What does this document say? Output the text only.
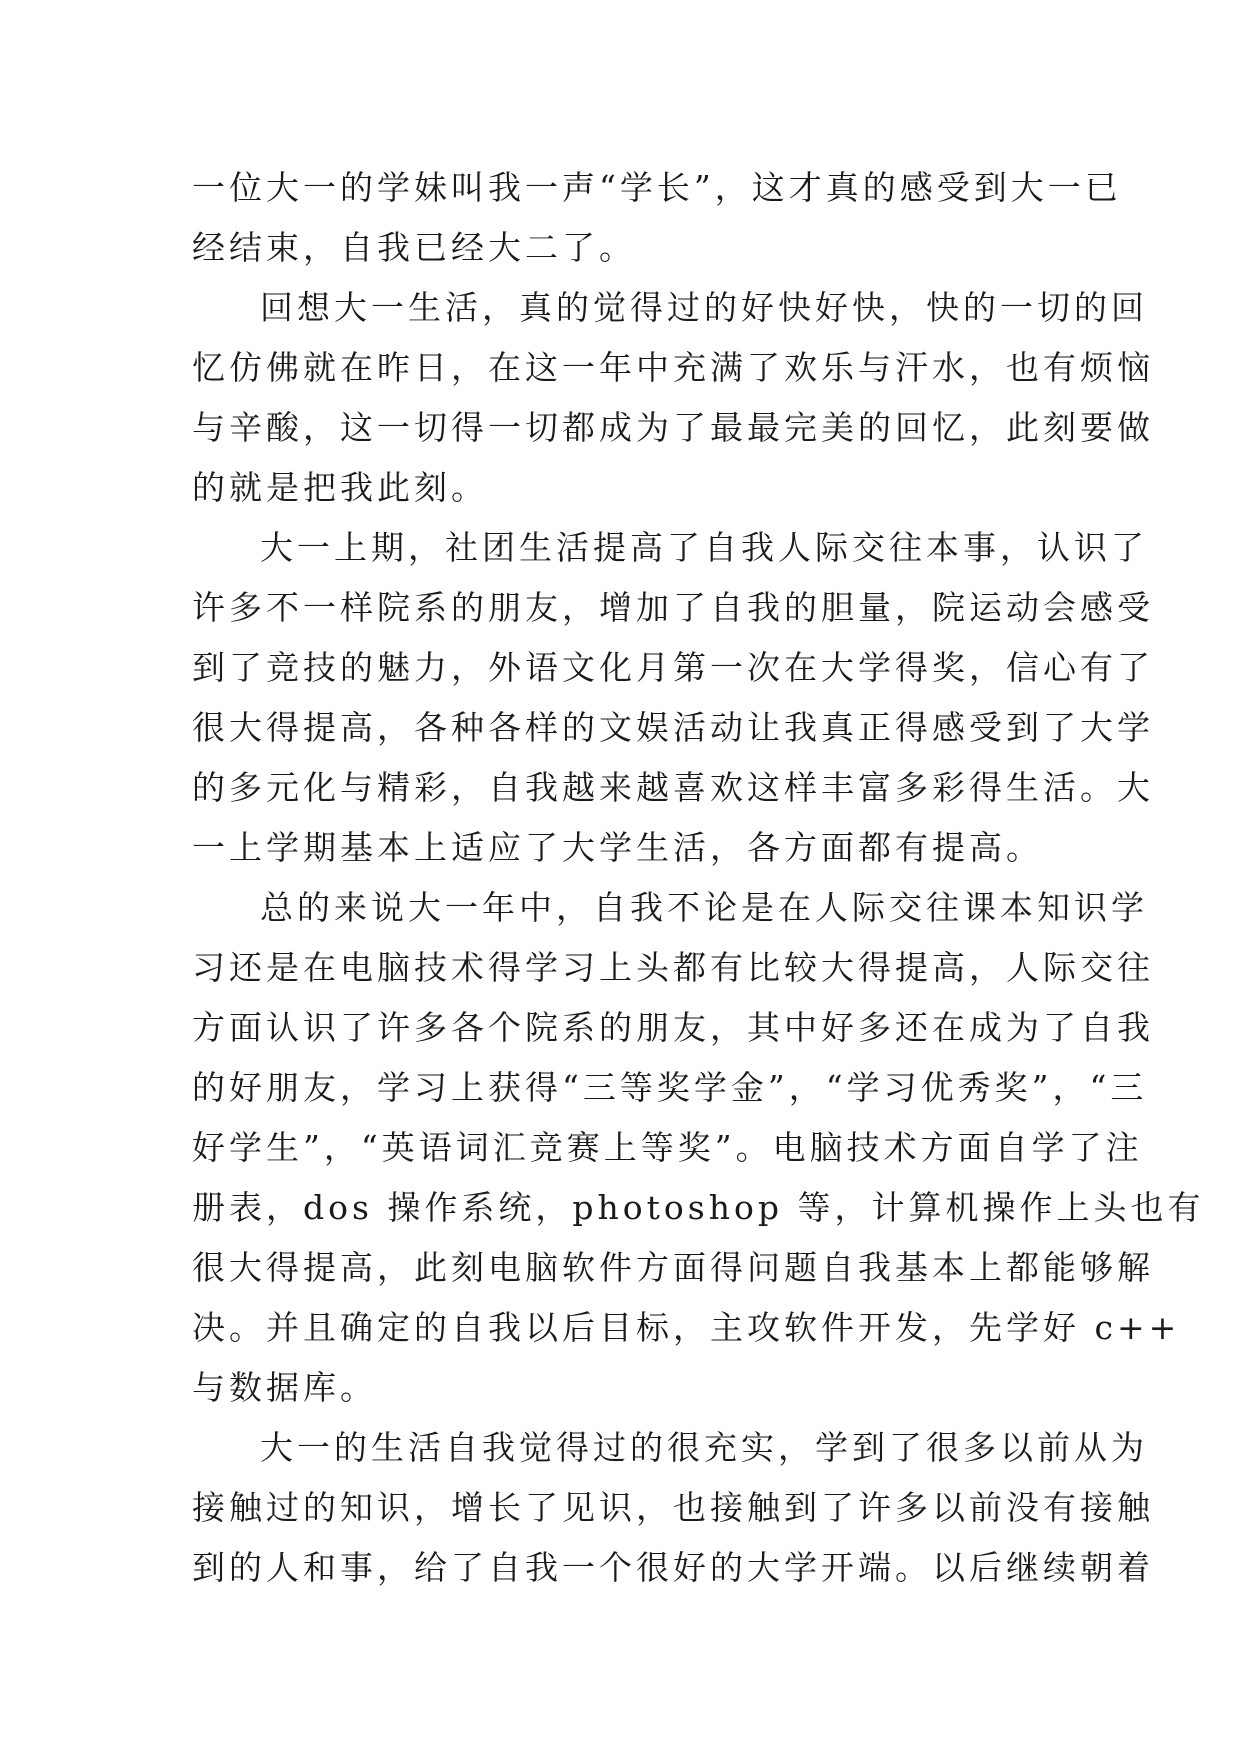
一位大一的学妹叫我一声“学长”，这才真的感受到大一已
经结束，自我已经大二了。
回想大一生活，真的觉得过的好快好快，快的一切的回
忆仿佛就在昨日，在这一年中充满了欢乐与汗水，也有烦恼
与辛酸，这一切得一切都成为了最最完美的回忆，此刻要做
的就是把我此刻。
大一上期，社团生活提高了自我人际交往本事，认识了
许多不一样院系的朋友，增加了自我的胆量，院运动会感受
到了竞技的魅力，外语文化月第一次在大学得奖，信心有了
很大得提高，各种各样的文娱活动让我真正得感受到了大学
的多元化与精彩，自我越来越喜欢这样丰富多彩得生活。大
一上学期基本上适应了大学生活，各方面都有提高。
总的来说大一年中，自我不论是在人际交往课本知识学
习还是在电脑技术得学习上头都有比较大得提高，人际交往
方面认识了许多各个院系的朋友，其中好多还在成为了自我
的好朋友，学习上获得“三等奖学金”，“学习优秀奖”，“三
好学生”，“英语词汇竞赛上等奖”。电脑技术方面自学了注
册表，dos 操作系统，photoshop 等，计算机操作上头也有
很大得提高，此刻电脑软件方面得问题自我基本上都能够解
决。并且确定的自我以后目标，主攻软件开发，先学好 c++
与数据库。
大一的生活自我觉得过的很充实，学到了很多以前从为
接触过的知识，增长了见识，也接触到了许多以前没有接触
到的人和事，给了自我一个很好的大学开端。以后继续朝着
